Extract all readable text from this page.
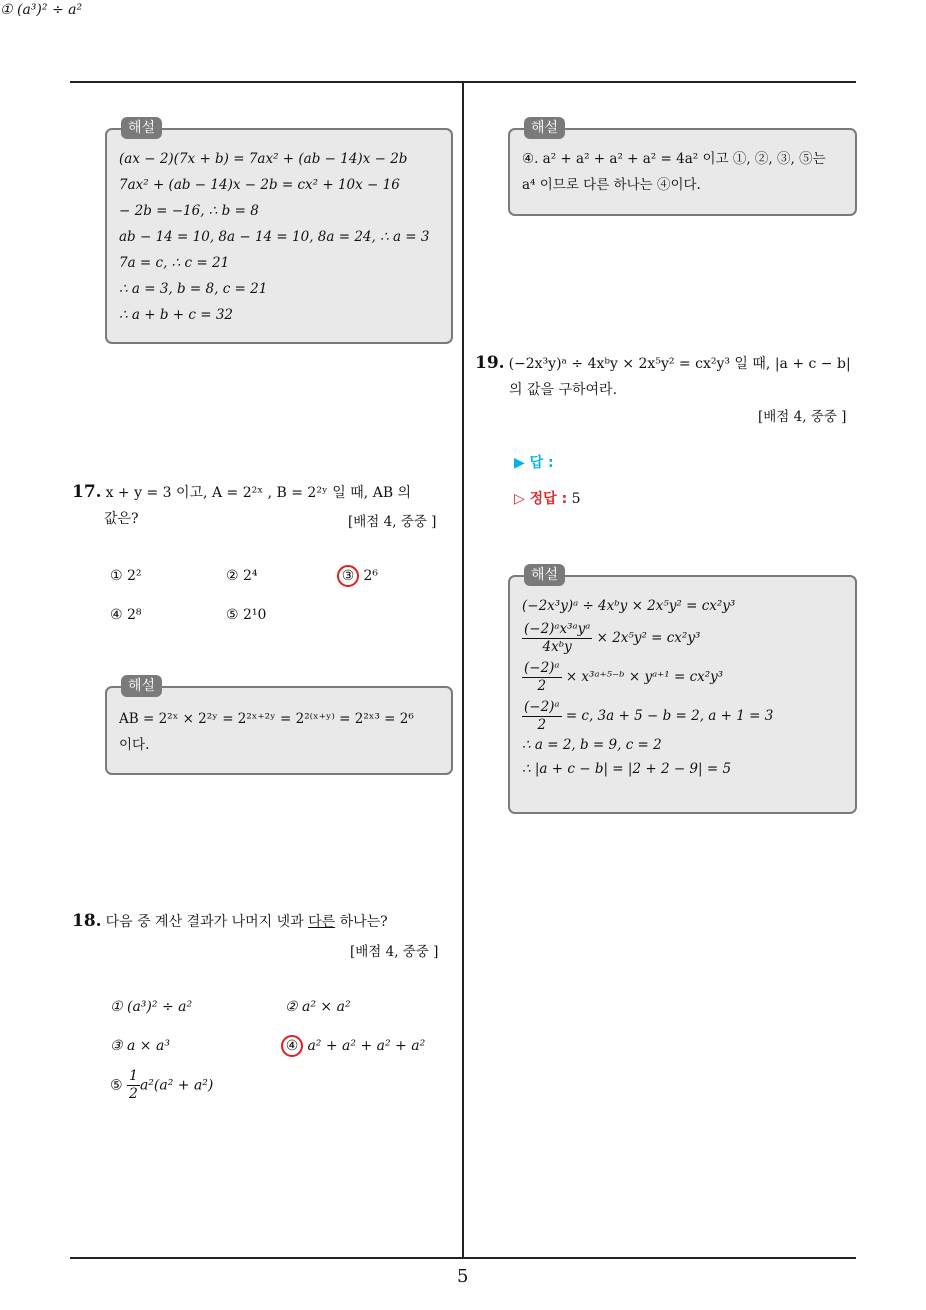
해설
(ax − 2)(7x + b) = 7ax² + (ab − 14)x − 2b
7ax² + (ab − 14)x − 2b = cx² + 10x − 16
− 2b = −16, ∴ b = 8
ab − 14 = 10, 8a − 14 = 10, 8a = 24, ∴ a = 3
7a = c, ∴ c = 21
∴ a = 3, b = 8, c = 21
∴ a + b + c = 32
17. x + y = 3 이고, A = 2²ˣ , B = 2²ʸ 일 때, AB 의
값은?	[배점 4, 중중 ]
① 2²	② 2⁴	③ 2⁶
④ 2⁸	⑤ 2¹0
해설
AB = 2²ˣ × 2²ʸ = 2²ˣ⁺²ʸ = 2²⁽ˣ⁺ʸ⁾ = 2²ˣ³ = 2⁶
이다.
18. 다음 중 계산 결과가 나머지 넷과 다른 하나는?
[배점 4, 중중 ]
① (a³)² ÷ a²
① (a³)² ÷ a²	② a² × a²
③ a × a³	④ a² + a² + a² + a²
⑤ $\frac{1}{2} a^2(a^2 + a^2)$
해설
④. a² + a² + a² + a² = 4a² 이고 ①, ②, ③, ⑤는
a⁴ 이므로 다른 하나는 ④이다.
19. (−2x³y)ᵃ ÷ 4xᵇy × 2x⁵y² = cx²y³ 일 때, |a + c − b|
의 값을 구하여라.
[배점 4, 중중 ]
▶ 답 :
▷ 정답 : 5
해설
(−2x³y)ᵃ ÷ 4xᵇy × 2x⁵y² = cx²y³
$\frac{\text{(−2)ᵃx³ᵃyᵃ}}{\text{4xᵇy}} \times 2x^5y^2 = cx^2y^3$
$\frac{\text{(−2)ᵃ}}{2}$ × x³ᵃ⁺⁵⁻ᵇ × yᵃ⁺¹ = cx²y³
$\frac{\text{(−2)ᵃ}}{2} = c$, 3a + 5 − b = 2, a + 1 = 3
∴ a = 2, b = 9, c = 2
∴ |a + c − b| = |2 + 2 − 9| = 5
5
